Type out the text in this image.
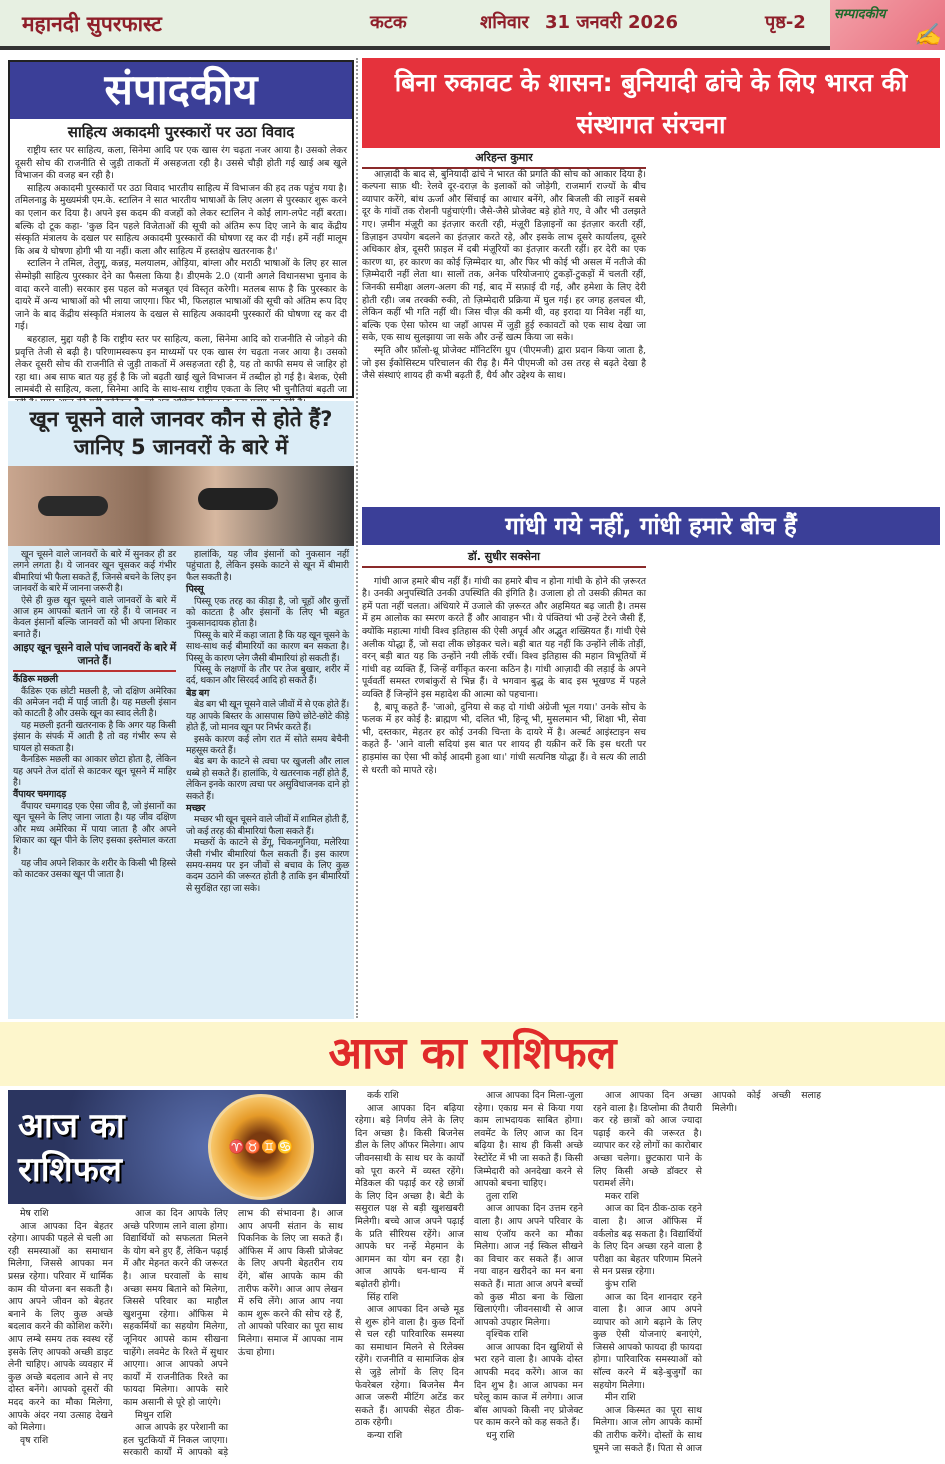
महानदी सुपरफास्ट	कटक	शनिवार 31 जनवरी 2026	पृष्ठ-2	सम्पादकीय
✍
संपादकीय
साहित्य अकादमी पुरस्कारों पर उठा विवाद

राष्ट्रीय स्तर पर साहित्य, कला, सिनेमा आदि पर एक खास रंग चढ़ता नजर आया है। उसको लेकर दूसरी सोच की राजनीति से जुड़ी ताकतों में असहजता रही है। उससे चौड़ी होती गई खाई अब खुले विभाजन की वजह बन रही है।

साहित्य अकादमी पुरस्कारों पर उठा विवाद भारतीय साहित्य में विभाजन की हद तक पहुंच गया है। तमिलनाडु के मुख्यमंत्री एम.के. स्टालिन ने सात भारतीय भाषाओं के लिए अलग से पुरस्कार शुरू करने का एलान कर दिया है। अपने इस कदम की वजहों को लेकर स्टालिन ने कोई लाग-लपेट नहीं बरता। बल्कि दो टूक कहा- 'कुछ दिन पहले विजेताओं की सूची को अंतिम रूप दिए जाने के बाद केंद्रीय संस्कृति मंत्रालय के दखल पर साहित्य अकादमी पुरस्कारों की घोषणा रद्द कर दी गई। हमें नहीं मालूम कि अब ये घोषणा होगी भी या नहीं। कला और साहित्य में हस्तक्षेप खतरनाक है।'

स्टालिन ने तमिल, तेलुगू, कन्नड़, मलयालम, ओड़िया, बांग्ला और मराठी भाषाओं के लिए हर साल सेम्मोझी साहित्य पुरस्कार देने का फैसला किया है। डीएमके 2.0 (यानी अगले विधानसभा चुनाव के वादा करने वाली) सरकार इस पहल को मजबूत एवं विस्तृत करेगी। मतलब साफ है कि पुरस्कार के दायरे में अन्य भाषाओं को भी लाया जाएगा। फिर भी, फिलहाल भाषाओं की सूची को अंतिम रूप दिए जाने के बाद केंद्रीय संस्कृति मंत्रालय के दखल से साहित्य अकादमी पुरस्कारों की घोषणा रद्द कर दी गई।

बहरहाल, मुद्दा यही है कि राष्ट्रीय स्तर पर साहित्य, कला, सिनेमा आदि को राजनीति से जोड़ने की प्रवृत्ति तेजी से बढ़ी है। परिणामस्वरूप इन माध्यमों पर एक खास रंग चढ़ता नजर आया है। उसको लेकर दूसरी सोच की राजनीति से जुड़ी ताकतों में असहजता रही है, यह तो काफी समय से जाहिर हो रहा था। अब साफ बात यह हुई है कि जो बढ़ती खाई खुले विभाजन में तब्दील हो गई है। बेशक, ऐसी लामबंदी से साहित्य, कला, सिनेमा आदि के साथ-साथ राष्ट्रीय एकता के लिए भी चुनौतियां बढ़ती जा

खून चूसने वाले जानवर कौन से होते हैं?
जानिए 5 जानवरों के बारे में

खून चूसने वाले जानवरों के बारे में सुनकर ही डर लगने लगता है। ये जानवर खून चूसकर कई गंभीर बीमारियां भी फैला सकते हैं, जिनसे बचने के लिए इन जानवरों के बारे में जानना जरूरी है।

ऐसे ही कुछ खून चूसने वाले जानवरों के बारे में आज हम आपको बताने जा रहे हैं। ये जानवर न केवल इंसानों बल्कि जानवरों को भी अपना शिकार बनाते हैं।

आइए खून चूसने वाले पांच जानवरों के बारे में जानते हैं।
कैंडिरू मछली

कैंडिरू एक छोटी मछली है, जो दक्षिण अमेरिका की अमेजन नदी में पाई जाती है। यह मछली इंसान को काटती है और उसके खून का स्वाद लेती है।

यह मछली इतनी खतरनाक है कि अगर यह किसी इंसान के संपर्क में आती है तो वह गंभीर रूप से घायल हो सकता है।

कैनडिरू मछली का आकार छोटा होता है, लेकिन यह अपने तेज दांतों से काटकर खून चूसने में माहिर है।

वैंपायर चमगादड़

वैंपायर चमगादड़ एक ऐसा जीव है, जो इंसानों का खून चूसने के लिए जाना जाता है। यह जीव दक्षिण और मध्य अमेरिका में पाया जाता है और अपने शिकार का खून पीने के लिए इसका इस्तेमाल करता है।

यह जीव अपने शिकार के शरीर के किसी भी हिस्से को काटकर उसका खून पी जाता है।

हालांकि, यह जीव इंसानों को नुकसान नहीं पहुंचाता है, लेकिन इसके काटने से खून में बीमारी फैल सकती है।

पिस्सू

पिस्सू एक तरह का कीड़ा है, जो चूहों और कुत्तों को काटता है और इंसानों के लिए भी बहुत नुकसानदायक होता है।

पिस्सू के बारे में कहा जाता है कि यह खून चूसने के साथ-साथ कई बीमारियों का कारण बन सकता है। पिस्सू के कारण प्लेग जैसी बीमारियां हो सकती हैं।

पिस्सू के लक्षणों के तौर पर तेज बुखार, शरीर में दर्द, थकान और सिरदर्द आदि हो सकते हैं।

बेड बग

बेड बग भी खून चूसने वाले जीवों में से एक होते हैं। यह आपके बिस्तर के आसपास छिपे छोटे-छोटे कीड़े होते हैं, जो मानव खून पर निर्भर करते हैं।

इसके कारण कई लोग रात में सोते समय बेचैनी महसूस करते हैं।

बेड बग के काटने से त्वचा पर खुजली और लाल धब्बे हो सकते हैं। हालांकि, ये खतरनाक नहीं होते हैं, लेकिन इनके कारण त्वचा पर असुविधाजनक दाने हो सकते हैं।

मच्छर

मच्छर भी खून चूसने वाले जीवों में शामिल होती हैं, जो कई तरह की बीमारियां फैला सकते हैं।

मच्छरों के काटने से डेंगू, चिकनगुनिया, मलेरिया जैसी गंभीर बीमारियां फैल सकती हैं। इस कारण समय-समय पर इन जीवों से बचाव के लिए कुछ कदम उठाने की जरूरत होती है ताकि इन बीमारियों से सुरक्षित रहा जा सके।

बिना रुकावट के शासन: बुनियादी ढांचे के लिए भारत की संस्थागत संरचना
अरिहन्त कुमार

आज़ादी के बाद से, बुनियादी ढांचे ने भारत की प्रगति की सोच को आकार दिया है। कल्पना साफ़ थी: रेलवे दूर-दराज़ के इलाकों को जोड़ेगी, राजमार्ग राज्यों के बीच व्यापार करेंगे, बांध ऊर्जा और सिंचाई का आधार बनेंगे, और बिजली की लाइनें सबसे दूर के गांवों तक रोशनी पहुंचाएंगी। जैसे-जैसे प्रोजेक्ट बड़े होते गए, वे और भी उलझते गए। ज़मीन मंज़ूरी का इंतज़ार करती रही, मंज़ूरी डिज़ाइनों का इंतज़ार करती रहीं, डिज़ाइन उपयोग बदलने का इंतज़ार करते रहे, और इसके लाभ दूसरे कार्यालय, दूसरे अधिकार क्षेत्र, दूसरी फ़ाइल में दबी मंज़ूरियों का इंतज़ार करती रहीं। हर देरी का एक कारण था, हर कारण का कोई ज़िम्मेदार था, और फिर भी कोई भी असल में नतीजे की ज़िम्मेदारी नहीं लेता था। सालों तक, अनेक परियोजनाएं टुकड़ों-टुकड़ों में चलती रहीं, जिनकी समीक्षा अलग-अलग की गई, बाद में सफ़ाई दी गई, और हमेशा के लिए देरी होती रही। जब तरक्की रुकी, तो ज़िम्मेदारी प्रक्रिया में घुल गई। हर जगह हलचल थी, लेकिन कहीं भी गति नहीं थी। जिस चीज़ की कमी थी, वह इरादा या निवेश नहीं था, बल्कि एक ऐसा फोरम था जहाँ आपस में जुड़ी हुई रुकावटों को एक साथ देखा जा सके, एक साथ सुलझाया जा सके और उन्हें खत्म किया जा सके।

स्मृति और फ़ॉलो-थ्रू प्रोजेक्ट मॉनिटरिंग ग्रुप (पीएमजी) द्वारा प्रदान किया जाता है, जो इस ईकोसिस्टम परिचालन की रीढ़ है। मैंने पीएमजी को उस तरह से बढ़ते देखा है जैसे संस्थाएं शायद ही कभी बढ़ती हैं, धैर्य और उद्देश्य के साथ।

गांधी गये नहीं, गांधी हमारे बीच हैं
डॉ. सुधीर सक्सेना

गांधी आज हमारे बीच नहीं हैं। गांधी का हमारे बीच न होना गांधी के होने की ज़रूरत है। उनकी अनुपस्थिति उनकी उपस्थिति की इंगिति है। उजाला हो तो उसकी क़ीमत का हमें पता नहीं चलता। अंधियारे में उजाले की ज़रूरत और अहमियत बढ़ जाती है। तमस में हम आलोक का स्मरण करते हैं और आवाहन भी। ये पंक्तियां भी उन्हें टेरने जैसी हैं, क्योंकि महात्मा गांधी विश्व इतिहास की ऐसी अपूर्व और अद्भुत शख्सियत हैं। गांधी ऐसे अलीक योद्धा हैं, जो सदा लीक छोड़कर चले। बड़ी बात यह नहीं कि उन्होंने लीकें तोड़ीं, वरन् बड़ी बात यह कि उन्होंने नयी लीकें रचीं। विश्व इतिहास की महान विभूतियों में गांधी वह व्यक्ति हैं, जिन्हें वर्गीकृत करना कठिन है। गांधी आज़ादी की लड़ाई के अपने पूर्ववर्ती समस्त रणबांकुरों से भिन्न हैं। वे भगवान बुद्ध के बाद इस भूखण्ड में पहले व्यक्ति हैं जिन्होंने इस महादेश की आत्मा को पहचाना।

है, बापू कहते हैं- 'जाओ, दुनिया से कह दो गांधी अंग्रेजी भूल गया।' उनके सोच के फलक में हर कोई है: ब्राह्मण भी, दलित भी, हिन्दू भी, मुसलमान भी, शिक्षा भी, सेवा भी, दस्तकार, मेहतर हर कोई उनकी चिन्ता के दायरे में है। अल्बर्ट आइंस्टाइन सच कहते हैं- 'आने वाली सदियां इस बात पर शायद ही यक़ीन करें कि इस धरती पर हाड़मांस का ऐसा भी कोई आदमी हुआ था।' गांधी सत्यनिष्ठ योद्धा हैं। वे सत्य की लाठी से धरती को मापते रहे।

आज का राशिफल
आज का राशिफल
♈♉♊♋

मेष राशि

आज आपका दिन बेहतर रहेगा। आपकी पहले से चली आ रही समस्याओं का समाधान मिलेगा, जिससे आपका मन प्रसन्न रहेगा। परिवार में धार्मिक काम की योजना बन सकती है। आप अपने जीवन को बेहतर बनाने के लिए कुछ अच्छे बदलाव करने की कोशिश करेंगे। आप लम्बे समय तक स्वस्थ रहें इसके लिए आपको अच्छी डाइट लेनी चाहिए। आपके व्यवहार में कुछ अच्छे बदलाव आने से नए दोस्त बनेंगे। आपको दूसरों की मदद करने का मौका मिलेगा, आपके अंदर नया उत्साह देखने को मिलेगा।

वृष राशि

आज का दिन आपके लिए अच्छे परिणाम लाने वाला होगा। विद्यार्थियों को सफलता मिलने के योग बने हुए हैं, लेकिन पढ़ाई में और मेहनत करने की जरूरत है। आज घरवालों के साथ अच्छा समय बिताने को मिलेगा, जिससे परिवार का माहौल खुशनुमा रहेगा। ऑफिस मे सहकर्मियों का सहयोग मिलेगा, जूनियर आपसे काम सीखना चाहेंगे। लवमेट के रिश्ते में सुधार आएगा। आज आपको अपने कार्यों में राजनीतिक रिश्ते का फायदा मिलेगा। आपके सारे काम असानी से पूरे हो जाएंगे।

मिथुन राशि

आज आपके हर परेशानी का हल चुटकियों में निकल जाएगा। सरकारी कार्यों में आपको बड़े लाभ की संभावना है। आज आप अपनी संतान के साथ पिकनिक के लिए जा सकते हैं। ऑफिस में आप किसी प्रोजेक्ट के लिए अपनी बेहतरीन राय देंगे, बॉस आपके काम की तारीफ करेंगे। आज आप लेखन में रुचि लेंगे। आज आप नया काम शुरू करने की सोच रहे हैं, तो आपको परिवार का पूरा साथ मिलेगा। समाज में आपका नाम ऊंचा होगा।

कर्क राशि

आज आपका दिन बढ़िया रहेगा। बड़े निर्णय लेने के लिए दिन अच्छा है। किसी बिजनेस डील के लिए ऑफर मिलेगा। आप जीवनसाथी के साथ घर के कार्यों को पूरा करने में व्यस्त रहेंगे। मेडिकल की पढ़ाई कर रहे छात्रों के लिए दिन अच्छा है। बेटी के ससुराल पक्ष से बड़ी खुशखबरी मिलेगी। बच्चे आज अपने पढ़ाई के प्रति सीरियस रहेंगे। आज आपके घर नन्हें मेहमान के आगमन का योग बन रहा है। आज आपके धन-धान्य में बढ़ोतरी होगी।

सिंह राशि

आज आपका दिन अच्छे मूड से शुरू होने वाला है। कुछ दिनों से चल रही पारिवारिक समस्या का समाधान मिलने से रिलेक्स रहेंगे। राजनीति व सामाजिक क्षेत्र से जुड़े लोगों के लिए दिन फेवरेबल रहेगा। बिजनेस मैन आज जरूरी मीटिंग अटेंड कर सकते हैं। आपकी सेहत ठीक-ठाक रहेगी।

कन्या राशि

आज आपका दिन मिला-जुला रहेगा। एकाग्र मन से किया गया काम लाभदायक साबित होगा। लवमेंट के लिए आज का दिन बढ़िया है। साथ ही किसी अच्छे रेस्टोरेंट में भी जा सकते हैं। किसी जिम्मेदारी को अनदेखा करने से आपको बचना चाहिए।

तुला राशि

आज आपका दिन उत्तम रहने वाला है। आप अपने परिवार के साथ एंजॉय करने का मौका मिलेगा। आज नई स्किल सीखने का विचार कर सकते हैं। आज नया वाहन खरीदने का मन बना सकते हैं। माता आज अपने बच्चों को कुछ मीठा बना के खिला खिलाएंगी। जीवनसाथी से आज आपको उपहार मिलेगा।

वृश्चिक राशि

आज आपका दिन खुशियों से भरा रहने वाला है। आपके दोस्त आपकी मदद करेंगे। आज का दिन शुभ है। आज आपका मन घरेलू काम काज में लगेगा। आज बॉस आपको किसी नए प्रोजेक्ट पर काम करने को कह सकते हैं।

धनु राशि

आज आपका दिन अच्छा रहने वाला है। डिप्लोमा की तैयारी कर रहे छात्रों को आज ज्यादा पढ़ाई करने की जरूरत है। व्यापार कर रहे लोगों का कारोबार अच्छा चलेगा। छुटकारा पाने के लिए किसी अच्छे डॉक्टर से परामर्श लेंगे।

मकर राशि

आज का दिन ठीक-ठाक रहने वाला है। आज ऑफिस में वर्कलोड बढ़ सकता है। विद्यार्थियों के लिए दिन अच्छा रहने वाला है परीक्षा का बेहतर परिणाम मिलने से मन प्रसन्न रहेगा।

कुंभ राशि

आज का दिन शानदार रहने वाला है। आज आप अपने व्यापार को आगे बढ़ाने के लिए कुछ ऐसी योजनाएं बनाएंगे, जिससे आपको फायदा ही फायदा होगा। पारिवारिक समस्याओं को सॉल्व करने में बड़े-बुजुर्गों का सहयोग मिलेगा।

मीन राशि

आज किस्मत का पूरा साथ मिलेगा। आज लोग आपके कामों की तारीफ करेंगे। दोस्तों के साथ घूमने जा सकते हैं। पिता से आज आपको कोई अच्छी सलाह मिलेगी।
